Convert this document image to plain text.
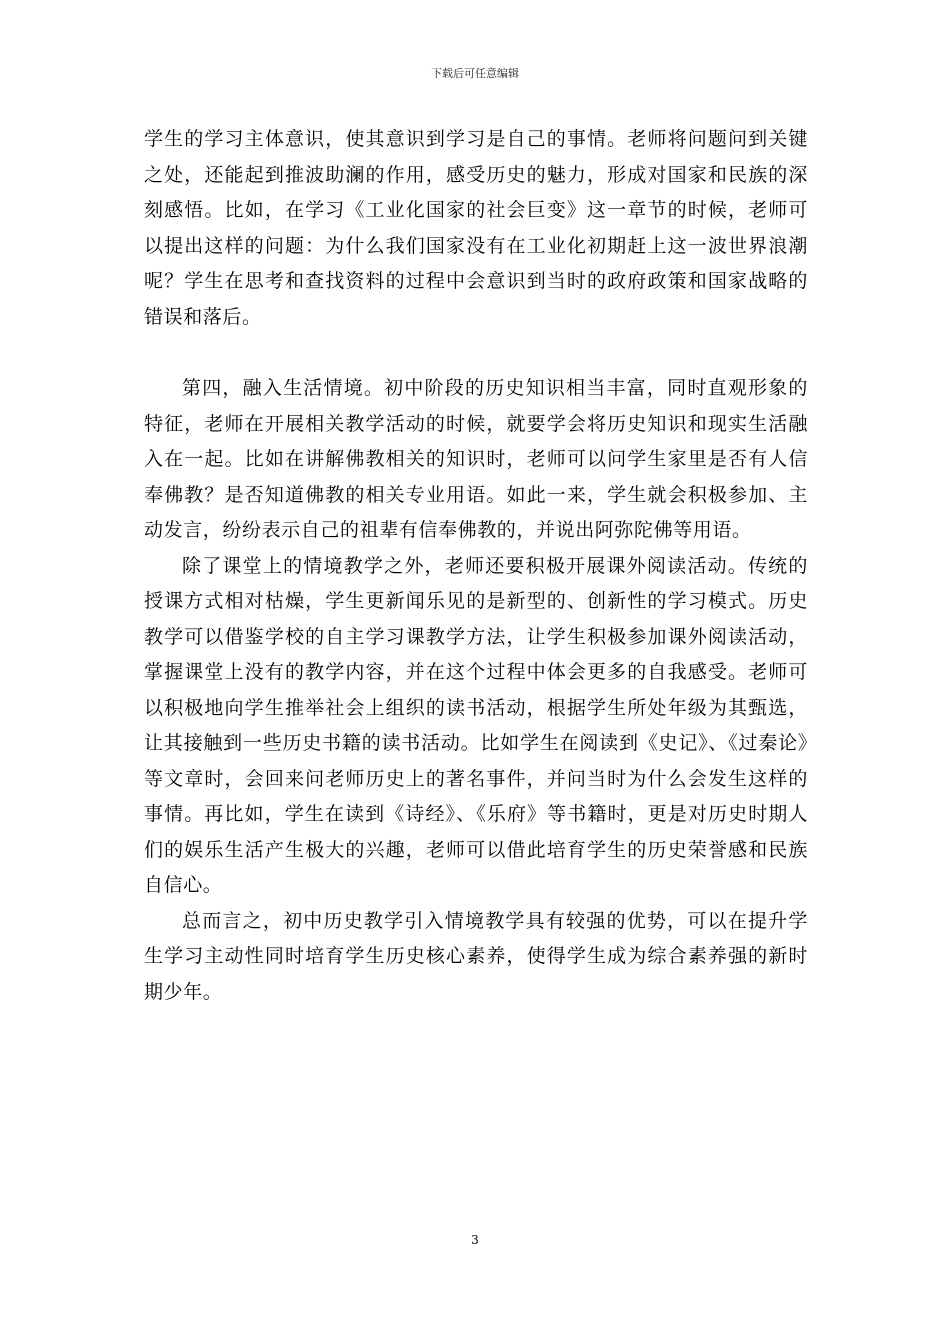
下载后可任意编辑

学生的学习主体意识，使其意识到学习是自己的事情。老师将问题问到关键之处，还能起到推波助澜的作用，感受历史的魅力，形成对国家和民族的深刻感悟。比如，在学习《工业化国家的社会巨变》这一章节的时候，老师可以提出这样的问题：为什么我们国家没有在工业化初期赶上这一波世界浪潮呢？学生在思考和查找资料的过程中会意识到当时的政府政策和国家战略的错误和落后。

第四，融入生活情境。初中阶段的历史知识相当丰富，同时直观形象的特征，老师在开展相关教学活动的时候，就要学会将历史知识和现实生活融入在一起。比如在讲解佛教相关的知识时，老师可以问学生家里是否有人信奉佛教？是否知道佛教的相关专业用语。如此一来，学生就会积极参加、主动发言，纷纷表示自己的祖辈有信奉佛教的，并说出阿弥陀佛等用语。

除了课堂上的情境教学之外，老师还要积极开展课外阅读活动。传统的授课方式相对枯燥，学生更新闻乐见的是新型的、创新性的学习模式。历史教学可以借鉴学校的自主学习课教学方法，让学生积极参加课外阅读活动，掌握课堂上没有的教学内容，并在这个过程中体会更多的自我感受。老师可以积极地向学生推举社会上组织的读书活动，根据学生所处年级为其甄选，让其接触到一些历史书籍的读书活动。比如学生在阅读到《史记》、《过秦论》等文章时，会回来问老师历史上的著名事件，并问当时为什么会发生这样的事情。再比如，学生在读到《诗经》、《乐府》等书籍时，更是对历史时期人们的娱乐生活产生极大的兴趣，老师可以借此培育学生的历史荣誉感和民族自信心。

总而言之，初中历史教学引入情境教学具有较强的优势，可以在提升学生学习主动性同时培育学生历史核心素养，使得学生成为综合素养强的新时期少年。

3
